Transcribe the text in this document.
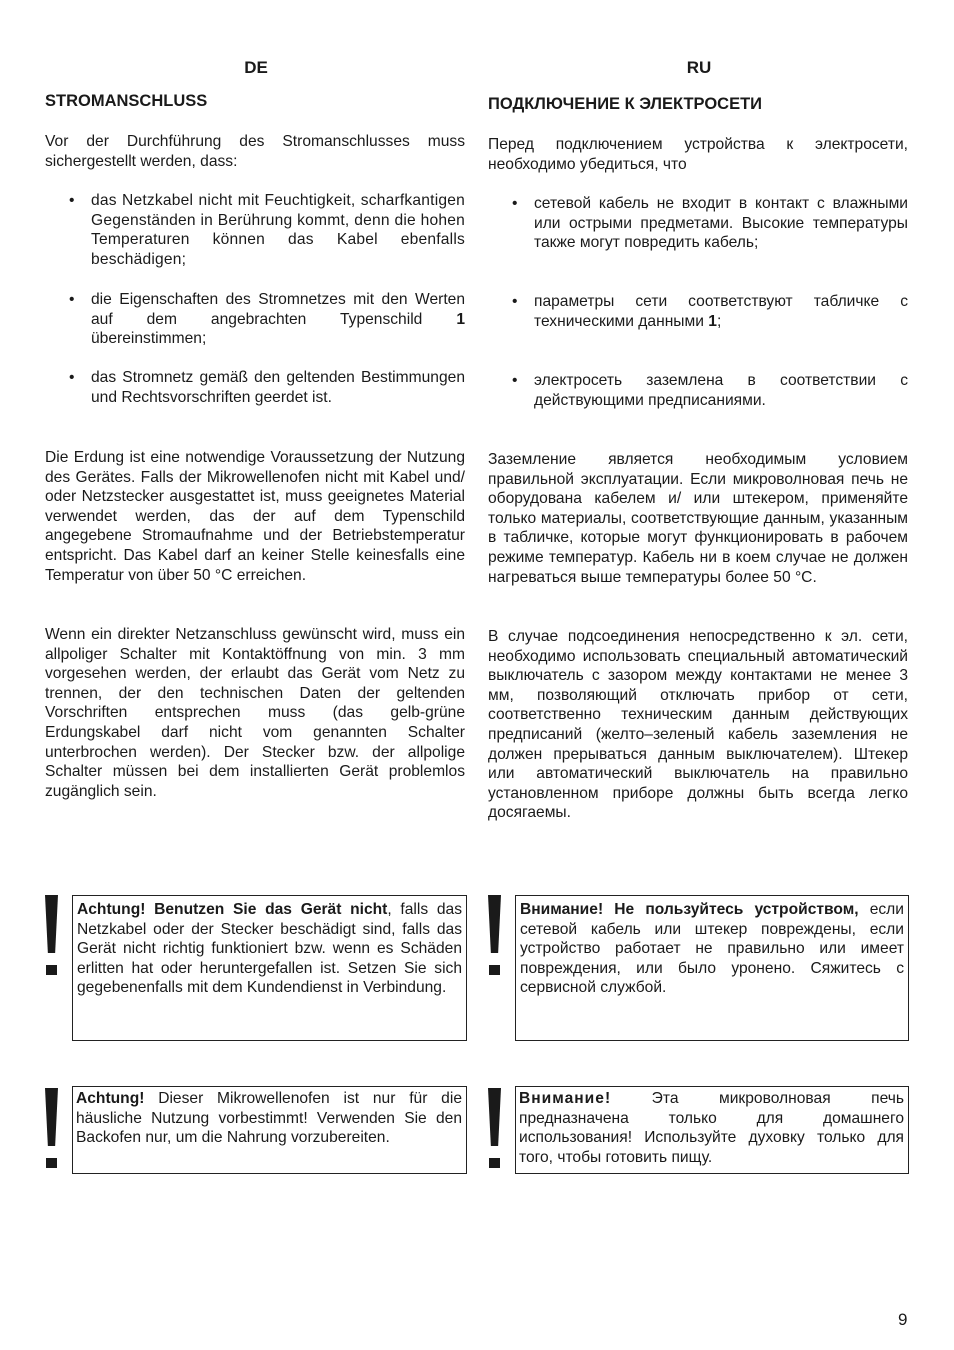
DE
STROMANSCHLUSS
Vor der Durchführung des Stromanschlusses muss sichergestellt werden, dass:
• das Netzkabel nicht mit Feuchtigkeit, scharfkantigen Gegenständen in Berührung kommt, denn die hohen Temperaturen können das Kabel ebenfalls beschädigen;
• die Eigenschaften des Stromnetzes mit den Werten auf dem angebrachten Typenschild 1 übereinstimmen;
• das Stromnetz gemäß den geltenden Bestimmungen und Rechtsvorschriften geerdet ist.
Die Erdung ist eine notwendige Voraussetzung der Nutzung des Gerätes. Falls der Mikrowellenofen nicht mit Kabel und/ oder Netzstecker ausgestattet ist, muss geeignetes Material verwendet werden, das der auf dem Typenschild angegebene Stromaufnahme und der Betriebstemperatur entspricht. Das Kabel darf an keiner Stelle keinesfalls eine Temperatur von über 50 °C erreichen.
Wenn ein direkter Netzanschluss gewünscht wird, muss ein allpoliger Schalter mit Kontaktöffnung von min. 3 mm vorgesehen werden, der erlaubt das Gerät vom Netz zu trennen, der den technischen Daten der geltenden Vorschriften entsprechen muss (das gelb-grüne Erdungskabel darf nicht vom genannten Schalter unterbrochen werden). Der Stecker bzw. der allpolige Schalter müssen bei dem installierten Gerät problemlos zugänglich sein.
Achtung! Benutzen Sie das Gerät nicht, falls das Netzkabel oder der Stecker beschädigt sind, falls das Gerät nicht richtig funktioniert bzw. wenn es Schäden erlitten hat oder heruntergefallen ist. Setzen Sie sich gegebenenfalls mit dem Kundendienst in Verbindung.
Achtung! Dieser Mikrowellenofen ist nur für die häusliche Nutzung vorbestimmt! Verwenden Sie den Backofen nur, um die Nahrung vorzubereiten.
RU
ПОДКЛЮЧЕНИЕ К ЭЛЕКТРОСЕТИ
Перед подключением устройства к электросети, необходимо убедиться, что
• сетевой кабель не входит в контакт с влажными или острыми предметами. Высокие температуры также могут повредить кабель;
• параметры сети соответствуют табличке с техническими данными 1;
• электросеть заземлена в соответствии с действующими предписаниями.
Заземление является необходимым условием правильной эксплуатации. Если микроволновая печь не оборудована кабелем и/ или штекером, применяйте только материалы, соответствующие данным, указанным в табличке, которые могут функционировать в рабочем режиме температур. Кабель ни в коем случае не должен нагреваться выше температуры более 50 °C.
В случае подсоединения непосредственно к эл. сети, необходимо использовать специальный автоматический выключатель с зазором между контактами не менее 3 мм, позволяющий отключать прибор от сети, соответственно техническим данным действующих предписаний (желто–зеленый кабель заземления не должен прерываться данным выключателем). Штекер или автоматический выключатель на правильно установленном приборе должны быть всегда легко досягаемы.
Внимание! Не пользуйтесь устройством, если сетевой кабель или штекер повреждены, если устройство работает не правильно или имеет повреждения, или было уронено. Сяжитесь с сервисной службой.
Внимание! Эта микроволновая печь предназначена только для домашнего использования! Используйте духовку только для того, чтобы готовить пищу.
9
